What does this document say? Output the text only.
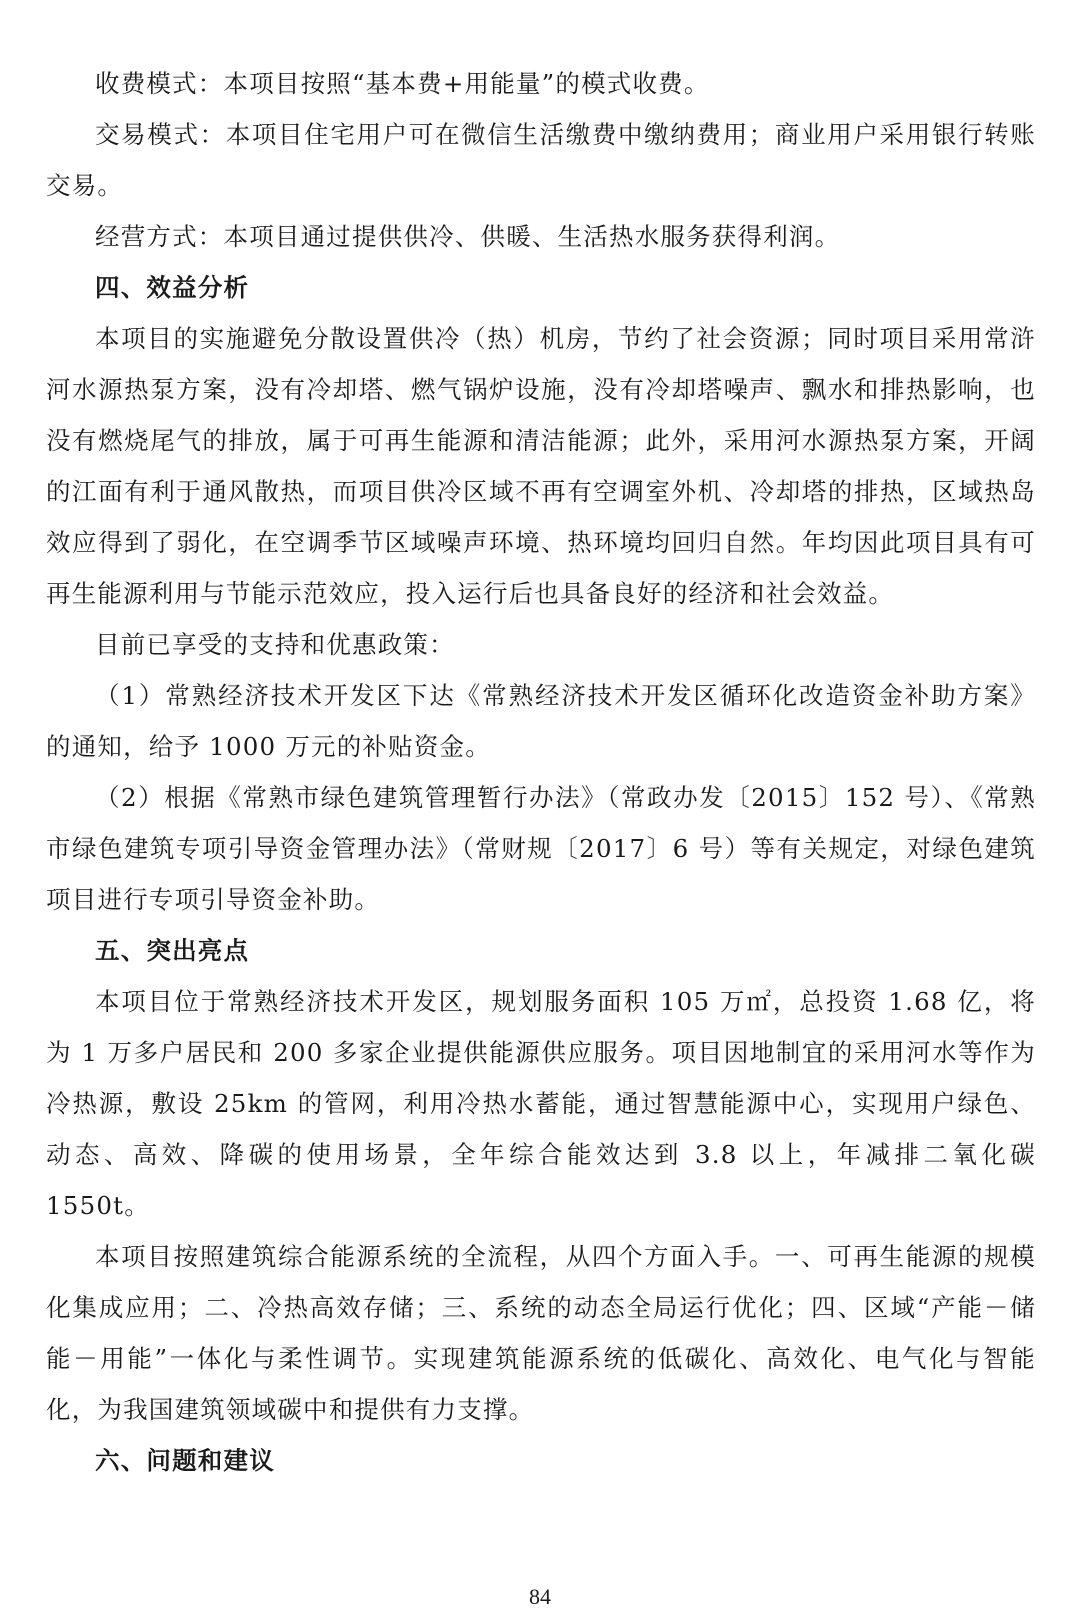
收费模式：本项目按照“基本费+用能量”的模式收费。

交易模式：本项目住宅用户可在微信生活缴费中缴纳费用；商业用户采用银行转账交易。

经营方式：本项目通过提供供冷、供暖、生活热水服务获得利润。

四、效益分析

本项目的实施避免分散设置供冷（热）机房，节约了社会资源；同时项目采用常浒河水源热泵方案，没有冷却塔、燃气锅炉设施，没有冷却塔噪声、飘水和排热影响，也没有燃烧尾气的排放，属于可再生能源和清洁能源；此外，采用河水源热泵方案，开阔的江面有利于通风散热，而项目供冷区域不再有空调室外机、冷却塔的排热，区域热岛效应得到了弱化，在空调季节区域噪声环境、热环境均回归自然。年均因此项目具有可再生能源利用与节能示范效应，投入运行后也具备良好的经济和社会效益。

目前已享受的支持和优惠政策：

（1）常熟经济技术开发区下达《常熟经济技术开发区循环化改造资金补助方案》的通知，给予 1000 万元的补贴资金。

（2）根据《常熟市绿色建筑管理暂行办法》（常政办发〔2015〕152 号）、《常熟市绿色建筑专项引导资金管理办法》（常财规〔2017〕6 号）等有关规定，对绿色建筑项目进行专项引导资金补助。

五、突出亮点

本项目位于常熟经济技术开发区，规划服务面积 105 万㎡，总投资 1.68 亿，将为 1 万多户居民和 200 多家企业提供能源供应服务。项目因地制宜的采用河水等作为冷热源，敷设 25km 的管网，利用冷热水蓄能，通过智慧能源中心，实现用户绿色、动态、高效、降碳的使用场景，全年综合能效达到 3.8 以上，年减排二氧化碳 1550t。

本项目按照建筑综合能源系统的全流程，从四个方面入手。一、可再生能源的规模化集成应用；二、冷热高效存储；三、系统的动态全局运行优化；四、区域“产能－储能－用能”一体化与柔性调节。实现建筑能源系统的低碳化、高效化、电气化与智能化，为我国建筑领域碳中和提供有力支撑。

六、问题和建议

84
